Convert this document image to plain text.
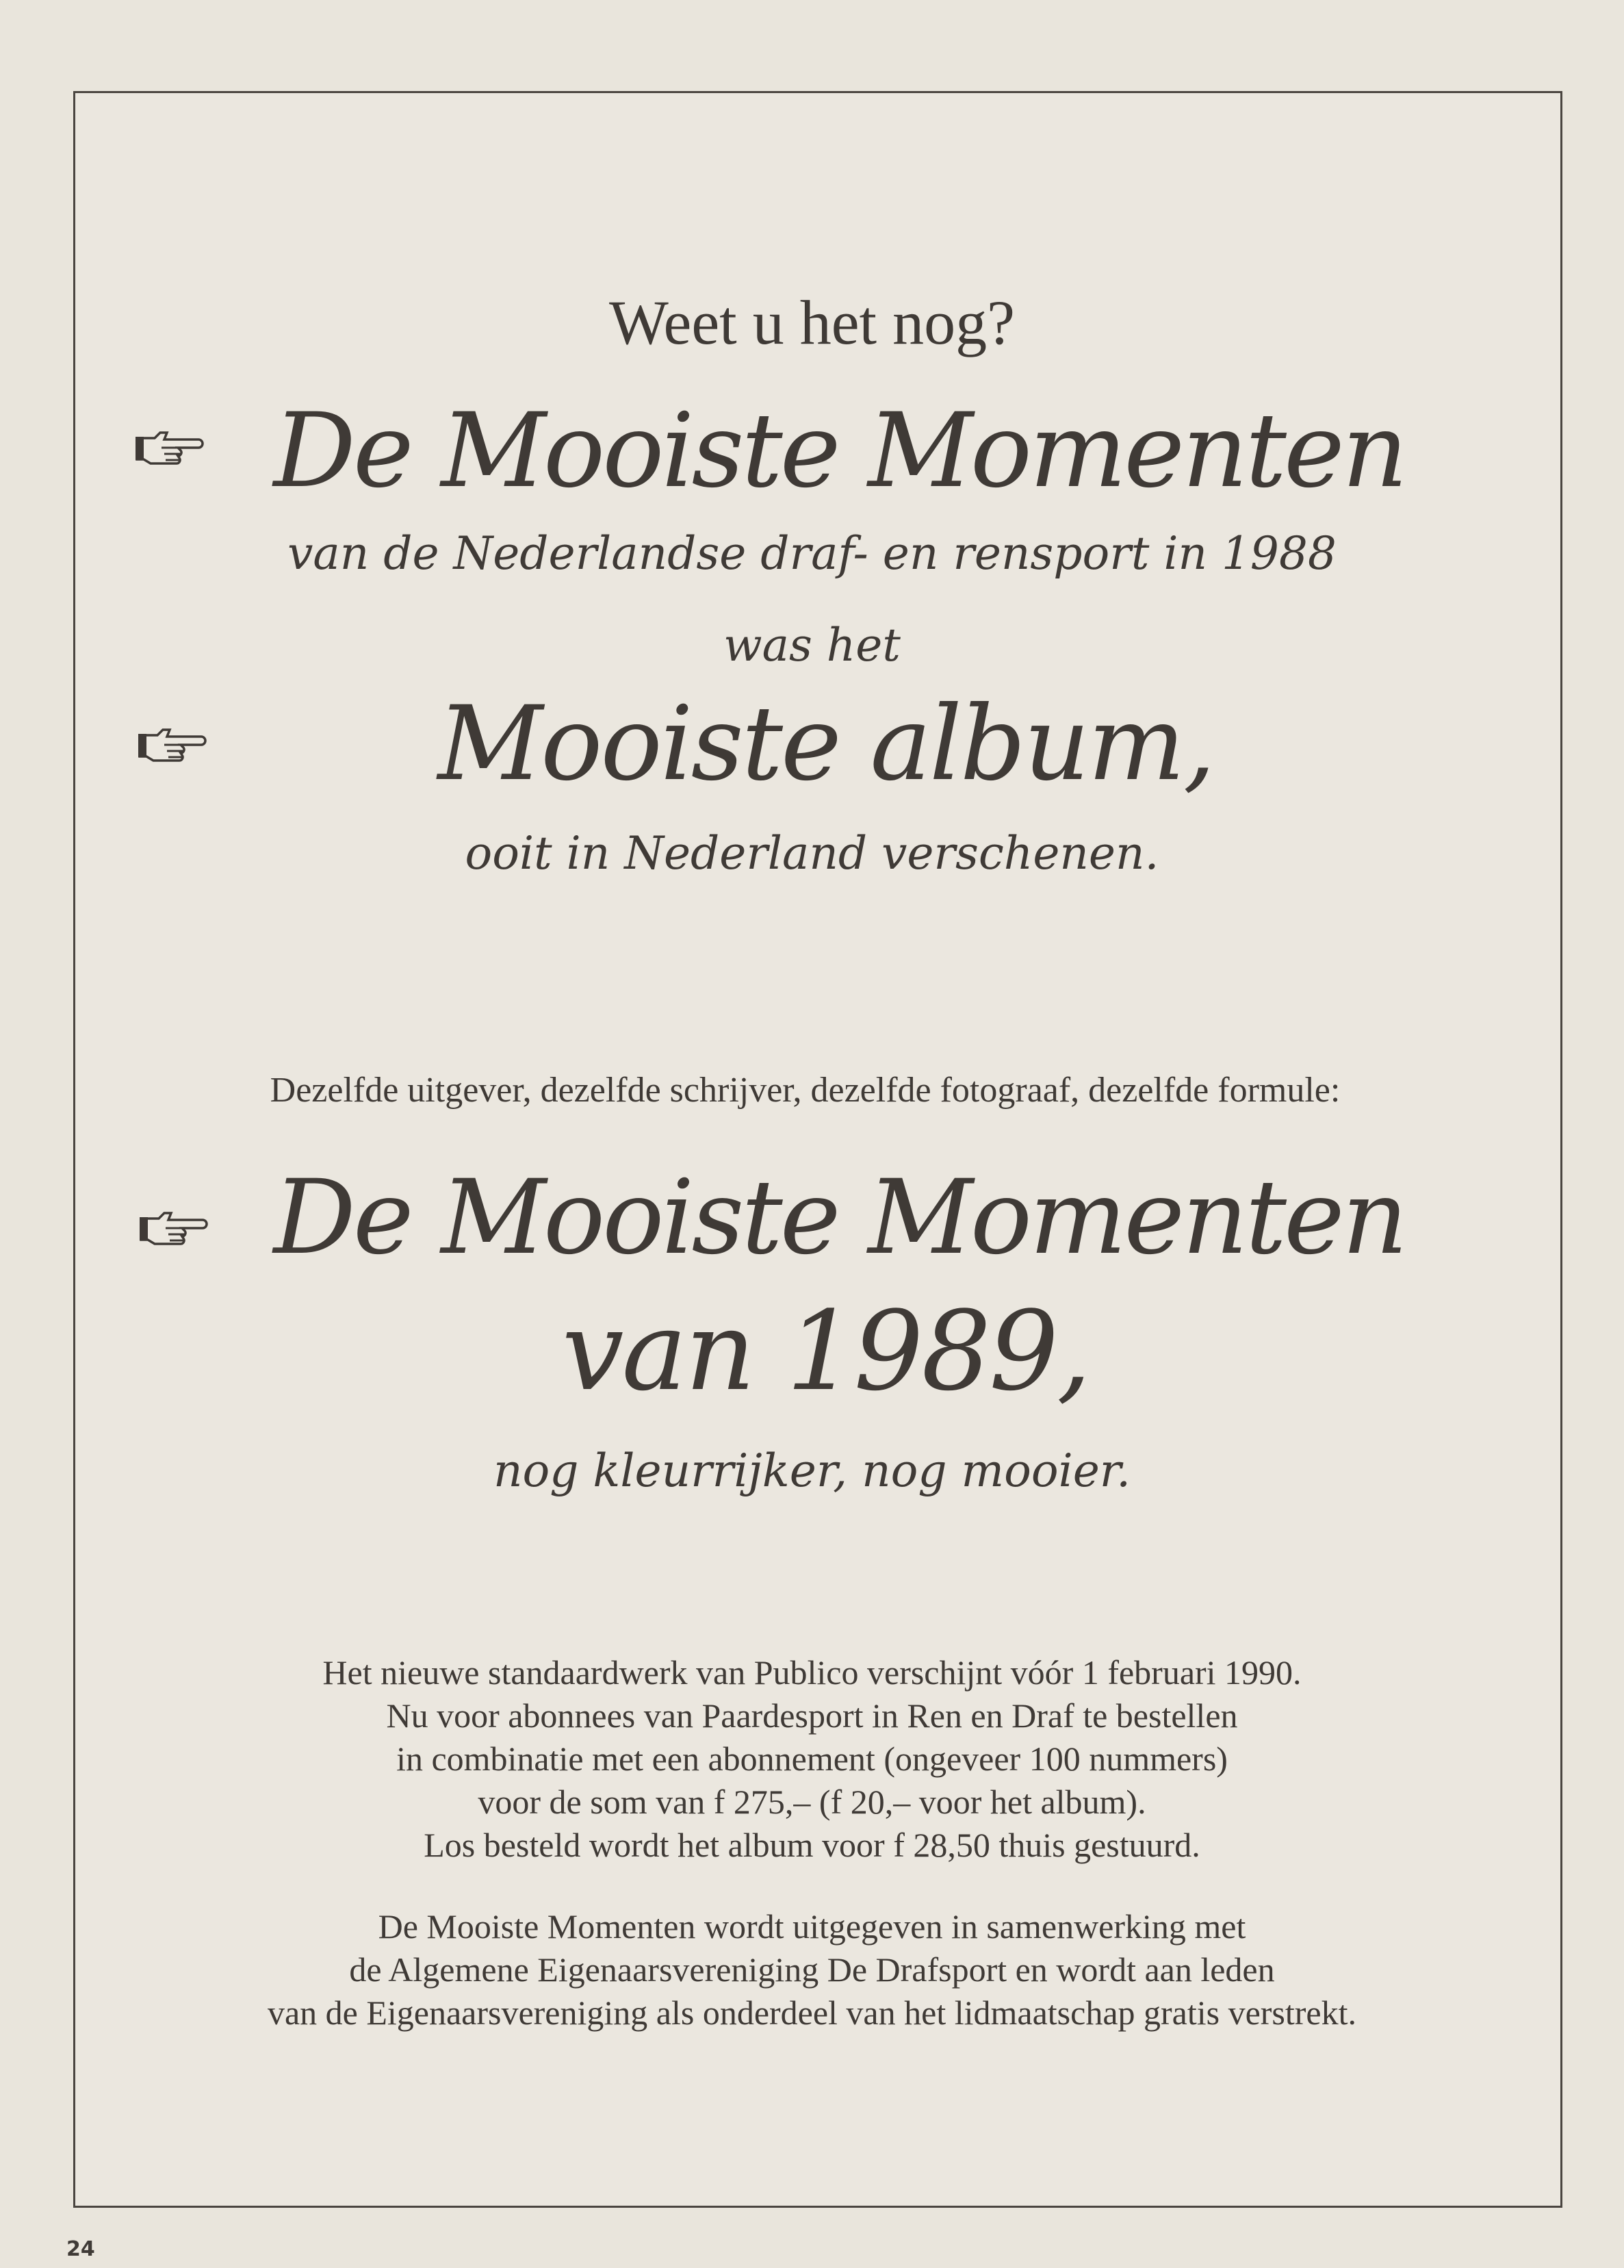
Weet u het nog?
De Mooiste Momenten
van de Nederlandse draf- en rensport in 1988
was het
Mooiste album,
ooit in Nederland verschenen.
Dezelfde uitgever, dezelfde schrijver, dezelfde fotograaf, dezelfde formule:
De Mooiste Momenten
van 1989,
nog kleurrijker, nog mooier.
Het nieuwe standaardwerk van Publico verschijnt vóór 1 februari 1990.
Nu voor abonnees van Paardesport in Ren en Draf te bestellen
in combinatie met een abonnement (ongeveer 100 nummers)
voor de som van f 275,– (f 20,– voor het album).
Los besteld wordt het album voor f 28,50 thuis gestuurd.
De Mooiste Momenten wordt uitgegeven in samenwerking met
de Algemene Eigenaarsvereniging De Drafsport en wordt aan leden
van de Eigenaarsvereniging als onderdeel van het lidmaatschap gratis verstrekt.
24
